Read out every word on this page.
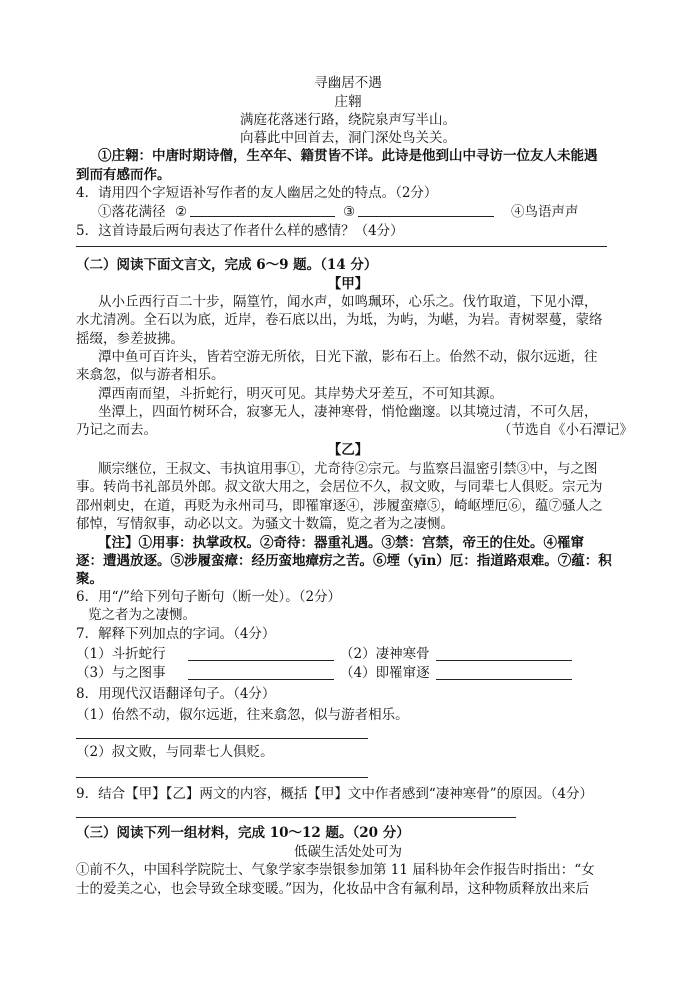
寻幽居不遇
庄翱
满庭花落迷行路，绕院泉声写半山。
向暮此中回首去，洞门深处鸟关关。
①庄翱：中唐时期诗僧，生卒年、籍贯皆不详。此诗是他到山中寻访一位友人未能遇
到而有感而作。
4．请用四个字短语补写作者的友人幽居之处的特点。（2分）
①落花满径 ②	③	④鸟语声声
5．这首诗最后两句表达了作者什么样的感情？（4分）
（二）阅读下面文言文，完成 6～9 题。（14 分）
【甲】
从小丘西行百二十步，隔篁竹，闻水声，如鸣珮环，心乐之。伐竹取道，下见小潭，
水尤清冽。全石以为底，近岸，卷石底以出，为坻，为屿，为嵁，为岩。青树翠蔓，蒙络
摇缀，参差披拂。
潭中鱼可百许头，皆若空游无所依，日光下澈，影布石上。佁然不动，俶尔远逝，往
来翕忽，似与游者相乐。
潭西南而望，斗折蛇行，明灭可见。其岸势犬牙差互，不可知其源。
坐潭上，四面竹树环合，寂寥无人，凄神寒骨，悄怆幽邃。以其境过清，不可久居，
乃记之而去。	（节选自《小石潭记》
【乙】
顺宗继位，王叔文、韦执谊用事①，尤奇待②宗元。与监察吕温密引禁③中，与之图
事。转尚书礼部员外郎。叔文欲大用之，会居位不久，叔文败，与同辈七人俱贬。宗元为
邵州刺史，在道，再贬为永州司马，即罹窜逐④，涉履蛮瘴⑤，崎岖堙厄⑥，蕴⑦骚人之
郁悼，写情叙事，动必以文。为骚文十数篇，览之者为之凄恻。
【注】①用事：执掌政权。②奇待：器重礼遇。③禁：宫禁，帝王的住处。④罹窜
逐：遭遇放逐。⑤涉履蛮瘴：经历蛮地瘴疠之苦。⑥堙（yīn）厄：指道路艰难。⑦蕴：积
聚。
6．用“/”给下列句子断句（断一处）。（2分）
览之者为之凄恻。
7．解释下列加点的字词。（4分）
（1）斗折蛇行	（2）凄神寒骨
（3）与之图事	（4）即罹窜逐
8．用现代汉语翻译句子。（4分）
（1）佁然不动，俶尔远逝，往来翕忽，似与游者相乐。
（2）叔文败，与同辈七人俱贬。
9．结合【甲】【乙】两文的内容，概括【甲】文中作者感到“凄神寒骨”的原因。（4分）
（三）阅读下列一组材料，完成 10～12 题。（20 分）
低碳生活处处可为
①前不久，中国科学院院士、气象学家李崇银参加第 11 届科协年会作报告时指出：“女
士的爱美之心，也会导致全球变暖。”因为，化妆品中含有氟利昂，这种物质释放出来后
